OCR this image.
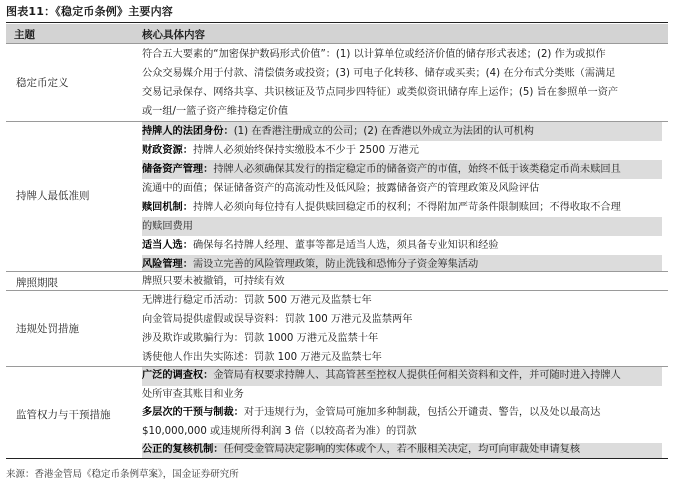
图表11：《稳定币条例》主要内容
主题	核心具体内容
稳定币定义
符合五大要素的“加密保护数码形式价值”：(1) 以计算单位或经济价值的储存形式表述；(2) 作为或拟作
公众交易媒介用于付款、清偿债务或投资；(3) 可电子化转移、储存或买卖；(4) 在分布式分类账（需满足
交易记录保存、网络共享、共识核证及节点同步四特征）或类似资讯储存库上运作；(5) 旨在参照单一资产
或一组/一篮子资产维持稳定价值
持牌人最低准则
持牌人的法团身份：(1) 在香港注册成立的公司；(2) 在香港以外成立为法团的认可机构
财政资源：持牌人必须始终保持实缴股本不少于 2500 万港元
储备资产管理：持牌人必须确保其发行的指定稳定币的储备资产的市值，始终不低于该类稳定币尚未赎回且
流通中的面值；保证储备资产的高流动性及低风险；披露储备资产的管理政策及风险评估
赎回机制：持牌人必须向每位持有人提供赎回稳定币的权利；不得附加严苛条件限制赎回；不得收取不合理
的赎回费用
适当人选：确保每名持牌人经理、董事等都是适当人选，须具备专业知识和经验
风险管理：需设立完善的风险管理政策，防止洗钱和恐怖分子资金筹集活动
牌照期限	牌照只要未被撤销，可持续有效
违规处罚措施
无牌进行稳定币活动：罚款 500 万港元及监禁七年
向金管局提供虚假或误导资料：罚款 100 万港元及监禁两年
涉及欺诈或欺骗行为：罚款 1000 万港元及监禁十年
诱使他人作出失实陈述：罚款 100 万港元及监禁七年
监管权力与干预措施
广泛的调查权：金管局有权要求持牌人、其高管甚至控权人提供任何相关资料和文件，并可随时进入持牌人
处所审查其账目和业务
多层次的干预与制裁：对于违规行为，金管局可施加多种制裁，包括公开谴责、警告，以及处以最高达
$10,000,000 或违规所得利润 3 倍（以较高者为准）的罚款
公正的复核机制：任何受金管局决定影响的实体或个人，若不服相关决定，均可向审裁处申请复核
来源：香港金管局《稳定币条例草案》，国金证券研究所
